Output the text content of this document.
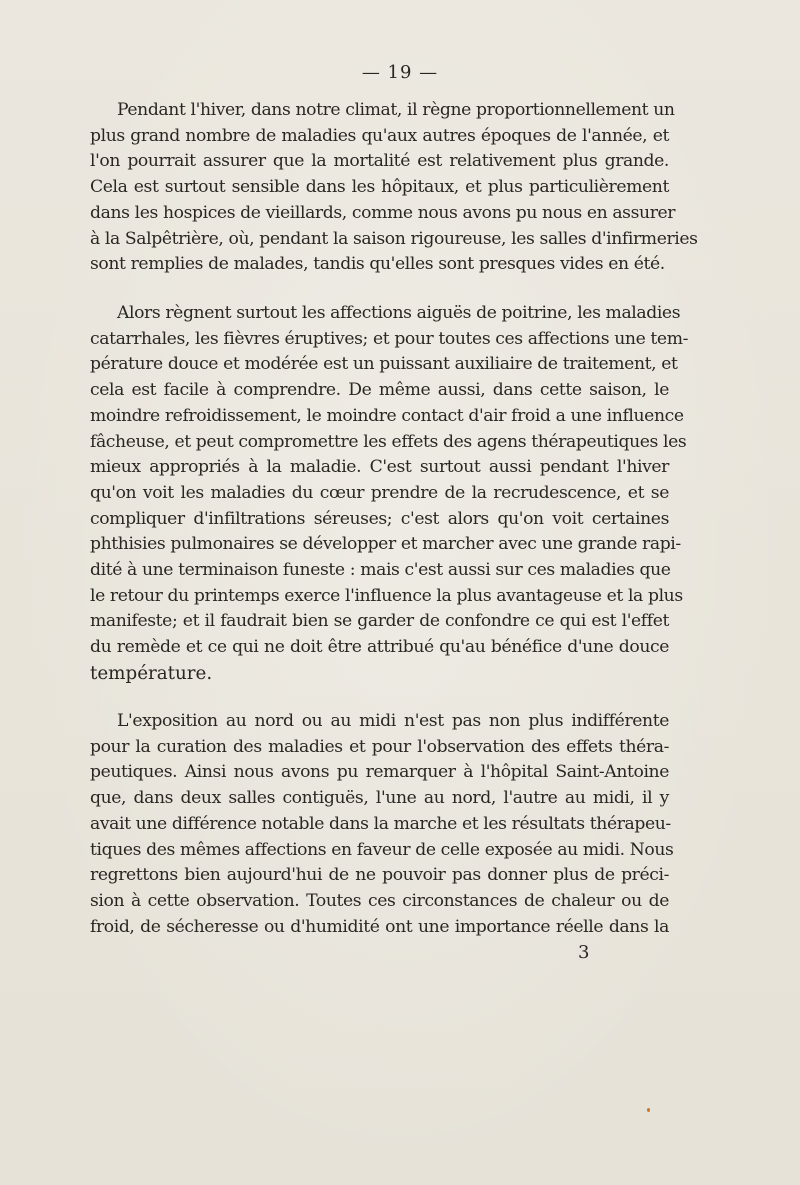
— 19 —

Pendant l'hiver, dans notre climat, il règne proportionnellement un
plus grand nombre de maladies qu'aux autres époques de l'année, et
l'on pourrait assurer que la mortalité est relativement plus grande.
Cela est surtout sensible dans les hôpitaux, et plus particulièrement
dans les hospices de vieillards, comme nous avons pu nous en assurer
à la Salpêtrière, où, pendant la saison rigoureuse, les salles d'infirmeries
sont remplies de malades, tandis qu'elles sont presques vides en été.

Alors règnent surtout les affections aiguës de poitrine, les maladies
catarrhales, les fièvres éruptives; et pour toutes ces affections une tem-
pérature douce et modérée est un puissant auxiliaire de traitement, et
cela est facile à comprendre. De même aussi, dans cette saison, le
moindre refroidissement, le moindre contact d'air froid a une influence
fâcheuse, et peut compromettre les effets des agens thérapeutiques les
mieux appropriés à la maladie. C'est surtout aussi pendant l'hiver
qu'on voit les maladies du cœur prendre de la recrudescence, et se
compliquer d'infiltrations séreuses; c'est alors qu'on voit certaines
phthisies pulmonaires se développer et marcher avec une grande rapi-
dité à une terminaison funeste : mais c'est aussi sur ces maladies que
le retour du printemps exerce l'influence la plus avantageuse et la plus
manifeste; et il faudrait bien se garder de confondre ce qui est l'effet
du remède et ce qui ne doit être attribué qu'au bénéfice d'une douce
température.

L'exposition au nord ou au midi n'est pas non plus indifférente
pour la curation des maladies et pour l'observation des effets théra-
peutiques. Ainsi nous avons pu remarquer à l'hôpital Saint-Antoine
que, dans deux salles contiguës, l'une au nord, l'autre au midi, il y
avait une différence notable dans la marche et les résultats thérapeu-
tiques des mêmes affections en faveur de celle exposée au midi. Nous
regrettons bien aujourd'hui de ne pouvoir pas donner plus de préci-
sion à cette observation. Toutes ces circonstances de chaleur ou de
froid, de sécheresse ou d'humidité ont une importance réelle dans la

3
